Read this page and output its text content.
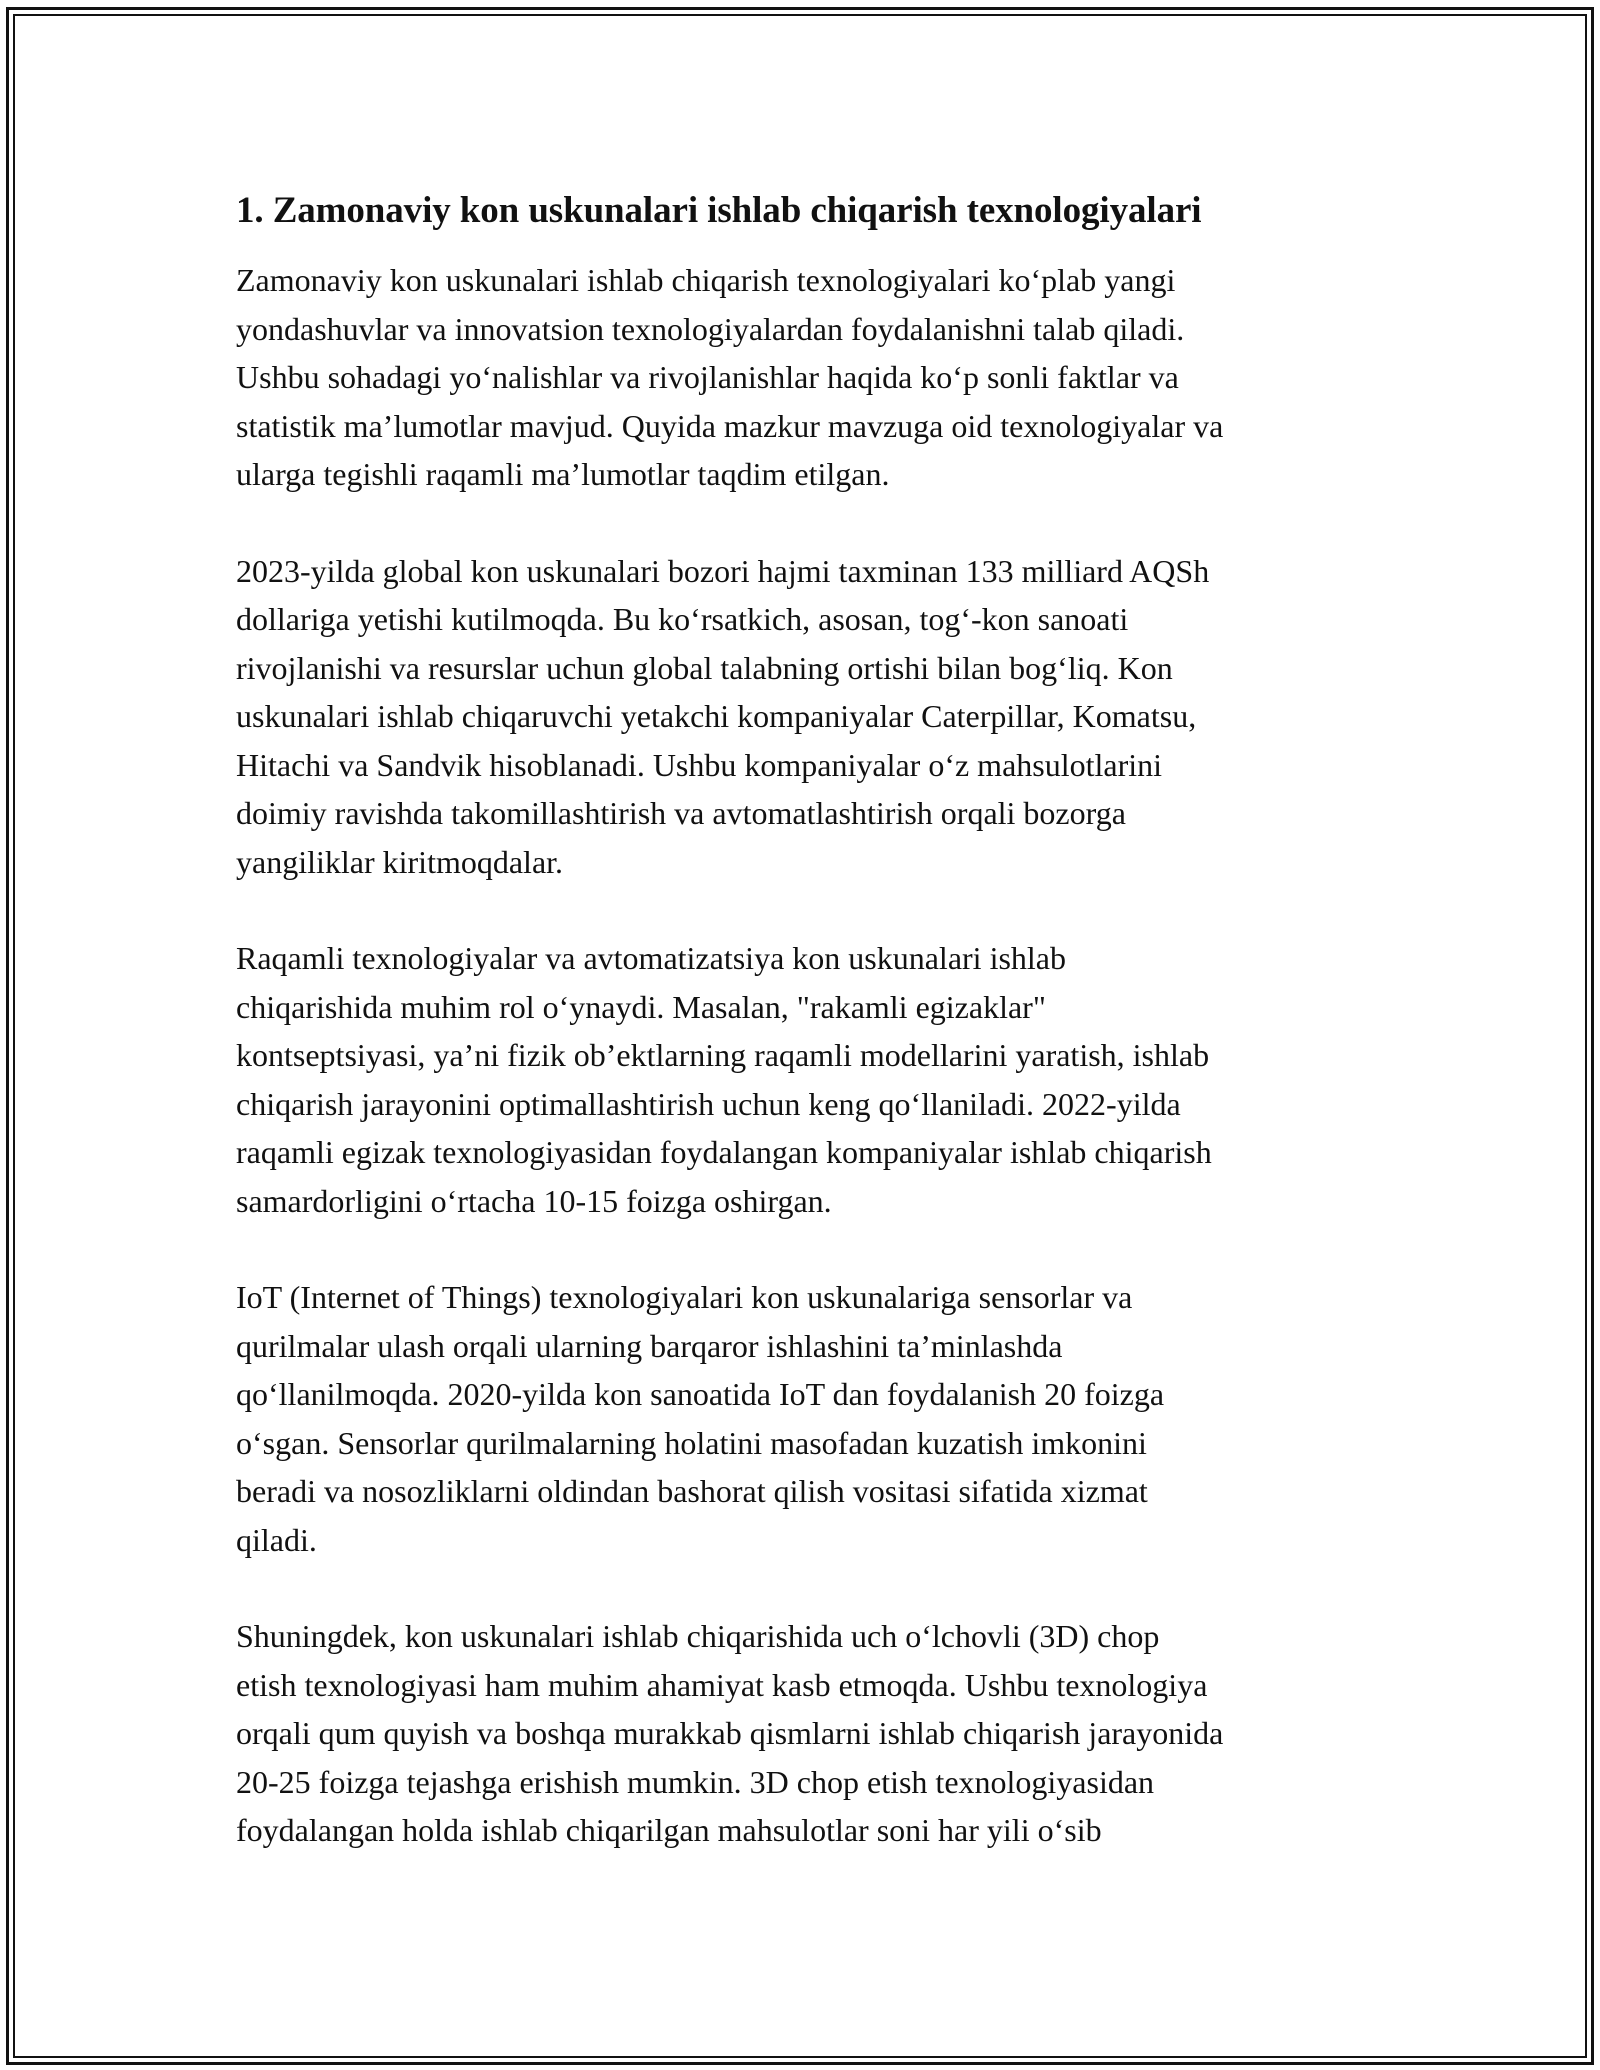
1. Zamonaviy kon uskunalari ishlab chiqarish texnologiyalari

Zamonaviy kon uskunalari ishlab chiqarish texnologiyalari ko‘plab yangi
yondashuvlar va innovatsion texnologiyalardan foydalanishni talab qiladi.
Ushbu sohadagi yo‘nalishlar va rivojlanishlar haqida ko‘p sonli faktlar va
statistik ma’lumotlar mavjud. Quyida mazkur mavzuga oid texnologiyalar va
ularga tegishli raqamli ma’lumotlar taqdim etilgan.

2023-yilda global kon uskunalari bozori hajmi taxminan 133 milliard AQSh
dollariga yetishi kutilmoqda. Bu ko‘rsatkich, asosan, tog‘-kon sanoati
rivojlanishi va resurslar uchun global talabning ortishi bilan bog‘liq. Kon
uskunalari ishlab chiqaruvchi yetakchi kompaniyalar Caterpillar, Komatsu,
Hitachi va Sandvik hisoblanadi. Ushbu kompaniyalar o‘z mahsulotlarini
doimiy ravishda takomillashtirish va avtomatlashtirish orqali bozorga
yangiliklar kiritmoqdalar.

Raqamli texnologiyalar va avtomatizatsiya kon uskunalari ishlab
chiqarishida muhim rol o‘ynaydi. Masalan, "rakamli egizaklar"
kontseptsiyasi, ya’ni fizik ob’ektlarning raqamli modellarini yaratish, ishlab
chiqarish jarayonini optimallashtirish uchun keng qo‘llaniladi. 2022-yilda
raqamli egizak texnologiyasidan foydalangan kompaniyalar ishlab chiqarish
samardorligini o‘rtacha 10-15 foizga oshirgan.

IoT (Internet of Things) texnologiyalari kon uskunalariga sensorlar va
qurilmalar ulash orqali ularning barqaror ishlashini ta’minlashda
qo‘llanilmoqda. 2020-yilda kon sanoatida IoT dan foydalanish 20 foizga
o‘sgan. Sensorlar qurilmalarning holatini masofadan kuzatish imkonini
beradi va nosozliklarni oldindan bashorat qilish vositasi sifatida xizmat
qiladi.

Shuningdek, kon uskunalari ishlab chiqarishida uch o‘lchovli (3D) chop
etish texnologiyasi ham muhim ahamiyat kasb etmoqda. Ushbu texnologiya
orqali qum quyish va boshqa murakkab qismlarni ishlab chiqarish jarayonida
20-25 foizga tejashga erishish mumkin. 3D chop etish texnologiyasidan
foydalangan holda ishlab chiqarilgan mahsulotlar soni har yili o‘sib
